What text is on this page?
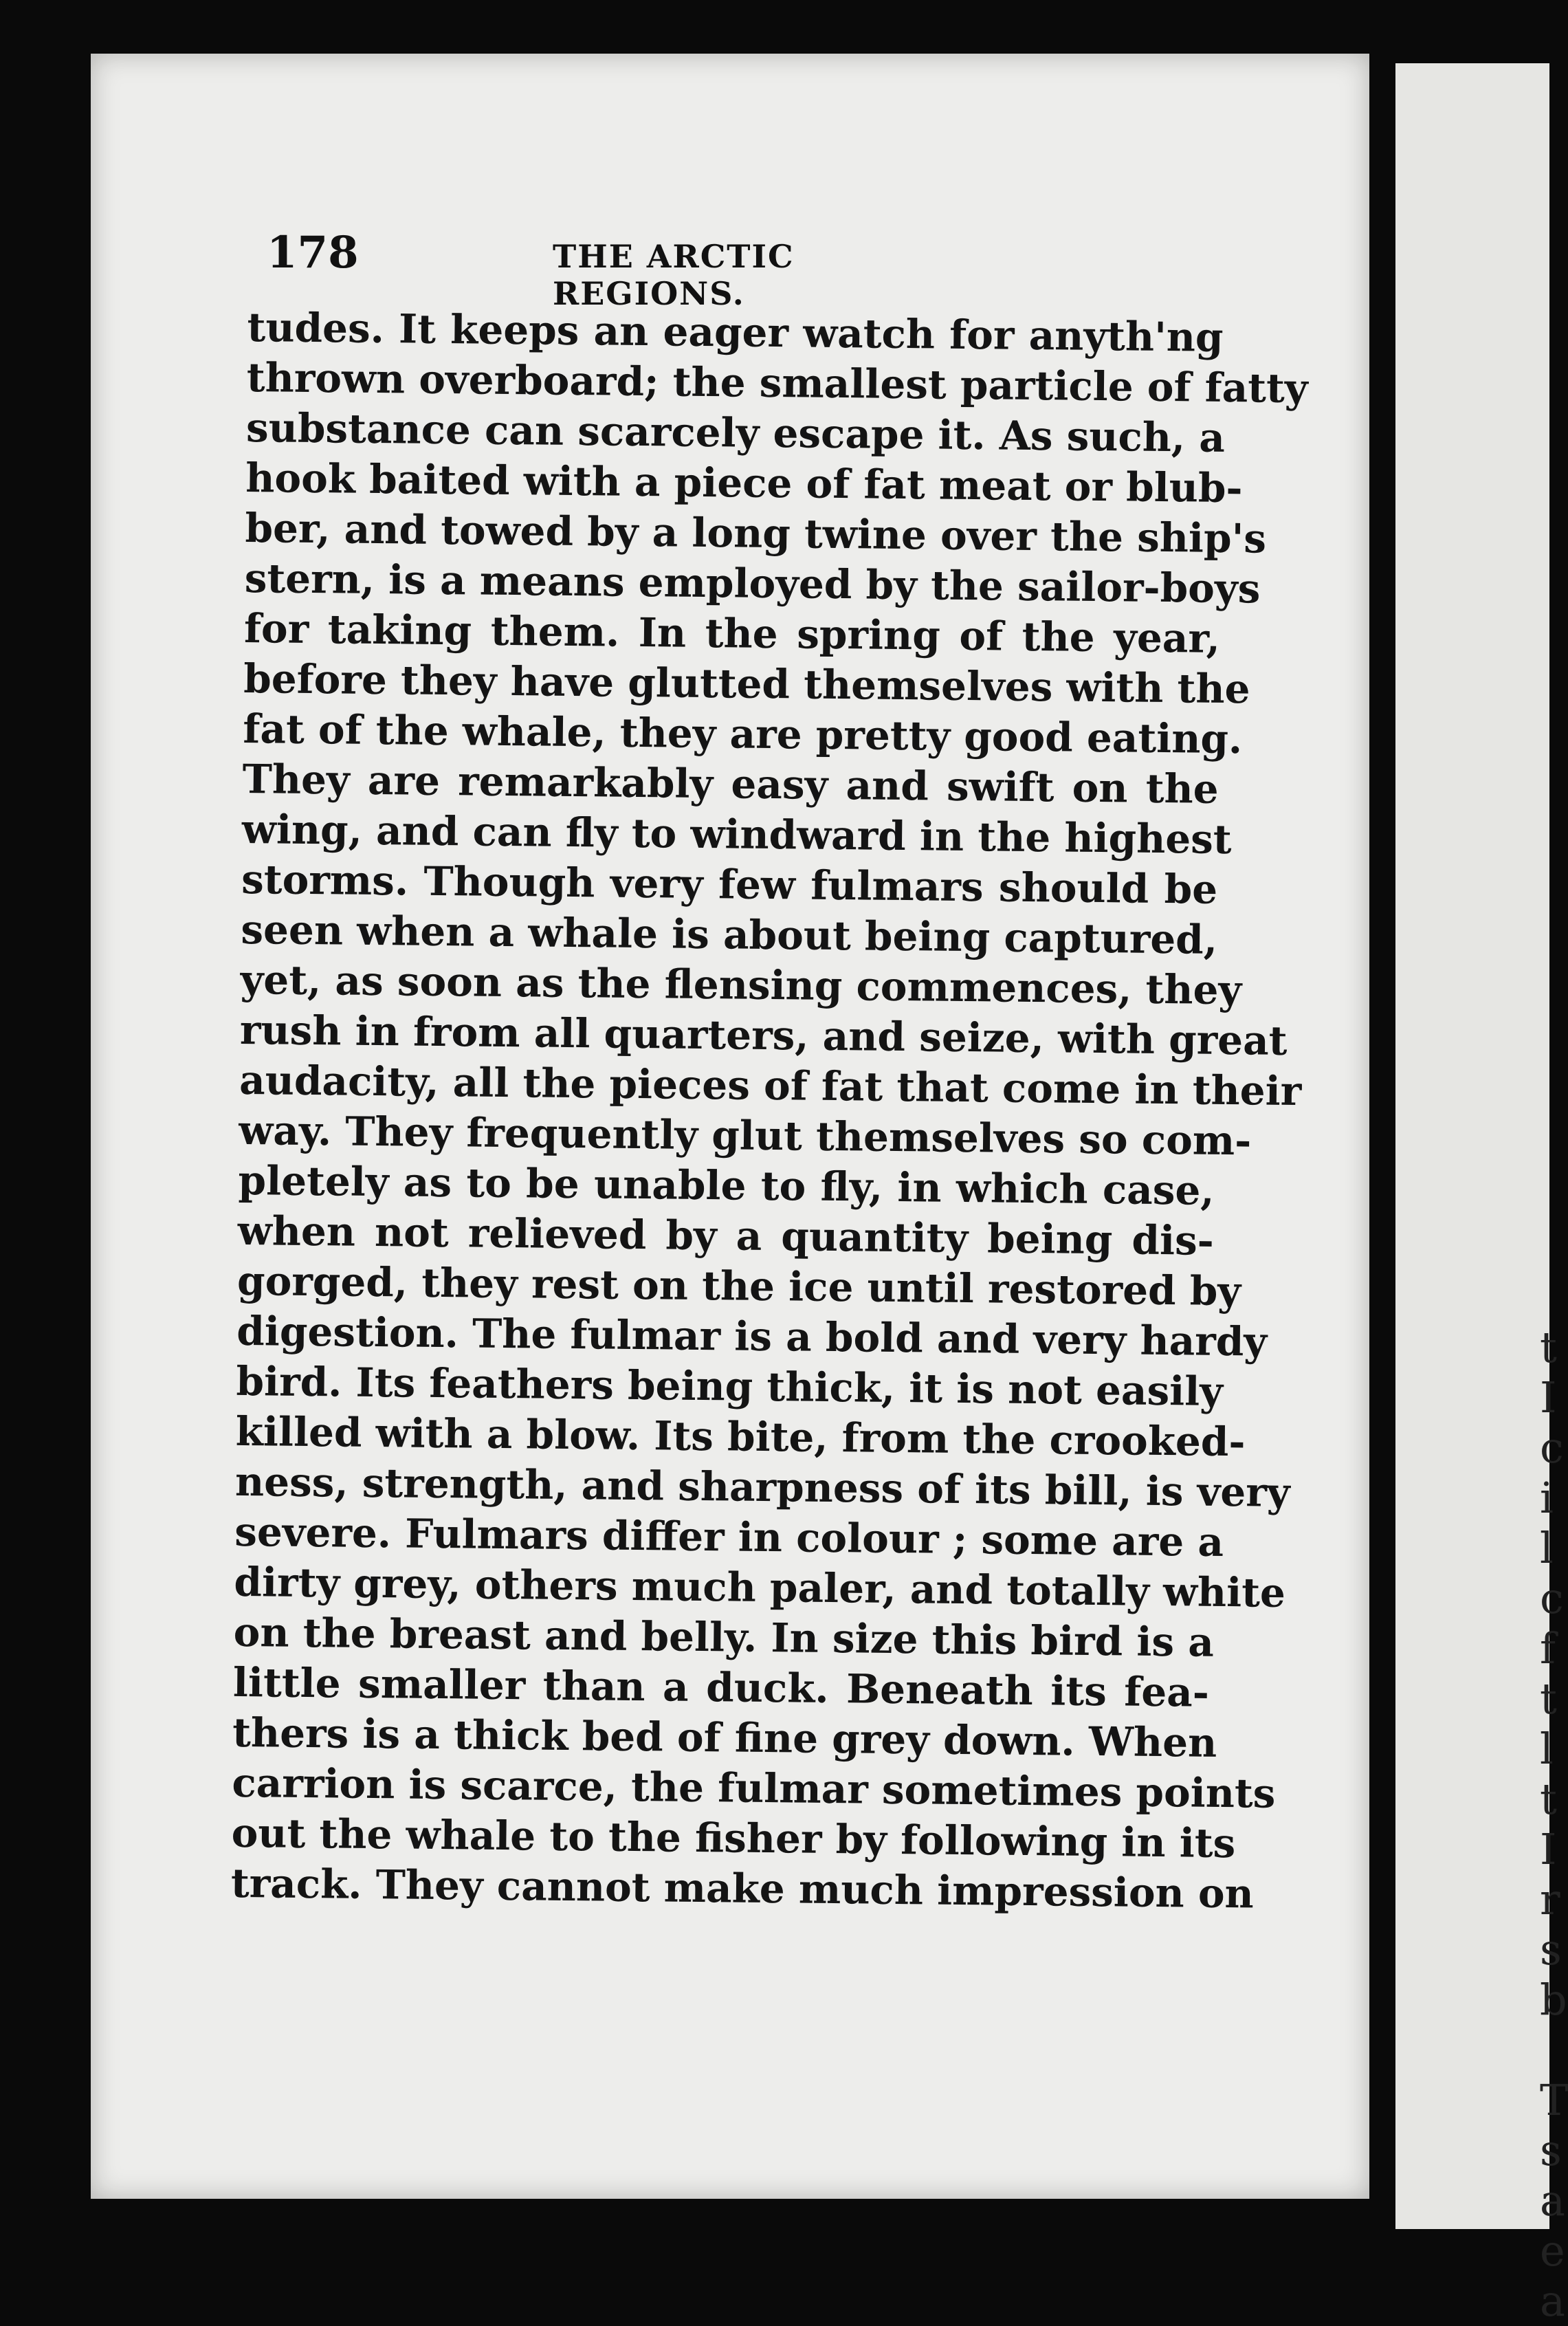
t
I
c
i
l
c
f
t
l
t
I
r
s
b
T
s
a
e
a
178	THE ARCTIC REGIONS.
tudes. It keeps an eager watch for anyth'ng
thrown overboard; the smallest particle of fatty
substance can scarcely escape it. As such, a
hook baited with a piece of fat meat or blub-
ber, and towed by a long twine over the ship's
stern, is a means employed by the sailor-boys
for taking them. In the spring of the year,
before they have glutted themselves with the
fat of the whale, they are pretty good eating.
They are remarkably easy and swift on the
wing, and can fly to windward in the highest
storms. Though very few fulmars should be
seen when a whale is about being captured,
yet, as soon as the flensing commences, they
rush in from all quarters, and seize, with great
audacity, all the pieces of fat that come in their
way. They frequently glut themselves so com-
pletely as to be unable to fly, in which case,
when not relieved by a quantity being dis-
gorged, they rest on the ice until restored by
digestion. The fulmar is a bold and very hardy
bird. Its feathers being thick, it is not easily
killed with a blow. Its bite, from the crooked-
ness, strength, and sharpness of its bill, is very
severe. Fulmars differ in colour ; some are a
dirty grey, others much paler, and totally white
on the breast and belly. In size this bird is a
little smaller than a duck. Beneath its fea-
thers is a thick bed of fine grey down. When
carrion is scarce, the fulmar sometimes points
out the whale to the fisher by following in its
track. They cannot make much impression on
